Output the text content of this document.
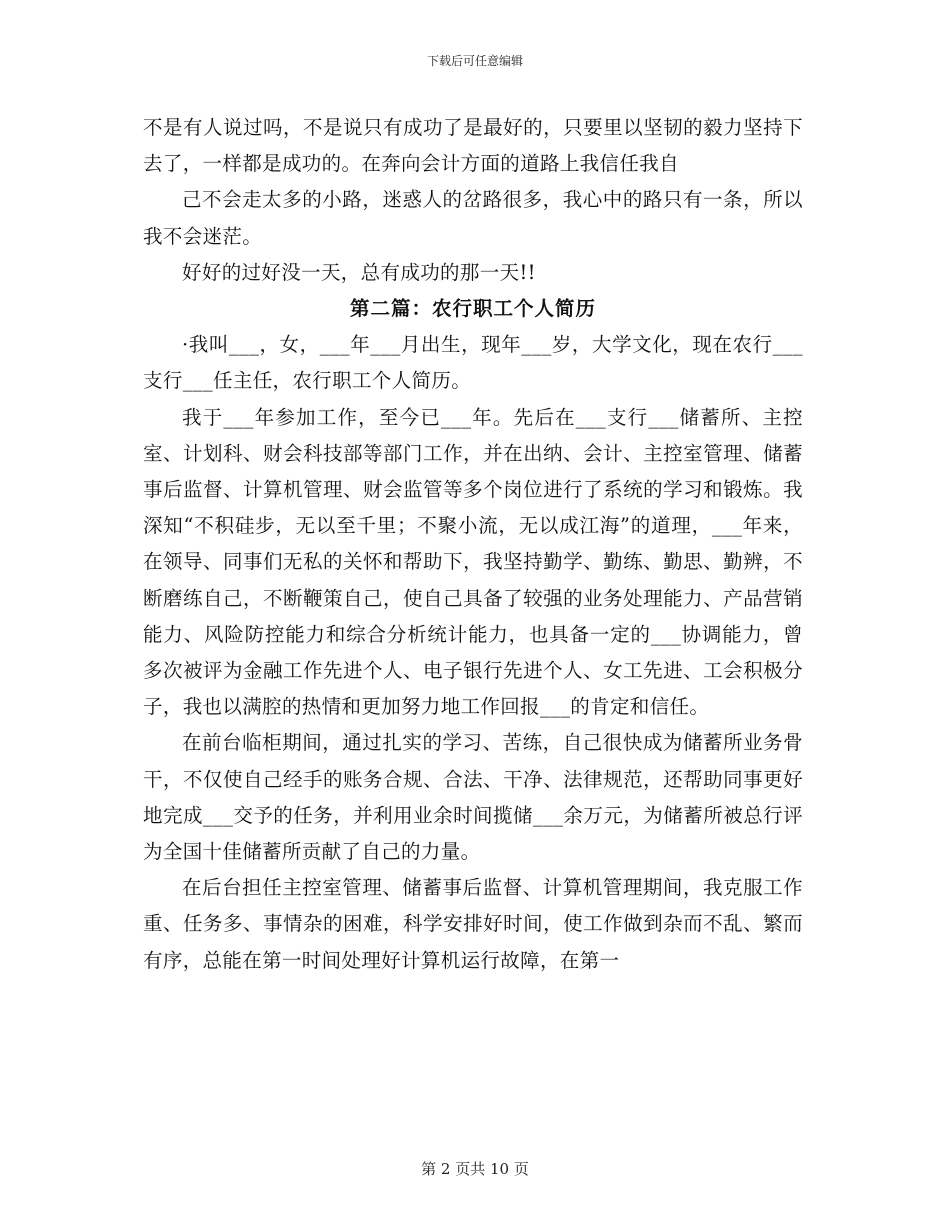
下载后可任意编辑

不是有人说过吗，不是说只有成功了是最好的，只要里以坚韧的毅力坚持下去了，一样都是成功的。在奔向会计方面的道路上我信任我自

己不会走太多的小路，迷惑人的岔路很多，我心中的路只有一条，所以我不会迷茫。

好好的过好没一天，总有成功的那一天!!

第二篇：农行职工个人简历

·我叫___，女，___年___月出生，现年___岁，大学文化，现在农行___支行___任主任，农行职工个人简历。

我于___年参加工作，至今已___年。先后在___支行___储蓄所、主控室、计划科、财会科技部等部门工作，并在出纳、会计、主控室管理、储蓄事后监督、计算机管理、财会监管等多个岗位进行了系统的学习和锻炼。我深知“不积硅步，无以至千里；不聚小流，无以成江海”的道理，___年来，在领导、同事们无私的关怀和帮助下，我坚持勤学、勤练、勤思、勤辨，不断磨练自己，不断鞭策自己，使自己具备了较强的业务处理能力、产品营销能力、风险防控能力和综合分析统计能力，也具备一定的___协调能力，曾多次被评为金融工作先进个人、电子银行先进个人、女工先进、工会积极分子，我也以满腔的热情和更加努力地工作回报___的肯定和信任。

在前台临柜期间，通过扎实的学习、苦练，自己很快成为储蓄所业务骨干，不仅使自己经手的账务合规、合法、干净、法律规范，还帮助同事更好地完成___交予的任务，并利用业余时间揽储___余万元，为储蓄所被总行评为全国十佳储蓄所贡献了自己的力量。

在后台担任主控室管理、储蓄事后监督、计算机管理期间，我克服工作重、任务多、事情杂的困难，科学安排好时间，使工作做到杂而不乱、繁而有序，总能在第一时间处理好计算机运行故障，在第一

第 2 页共 10 页
